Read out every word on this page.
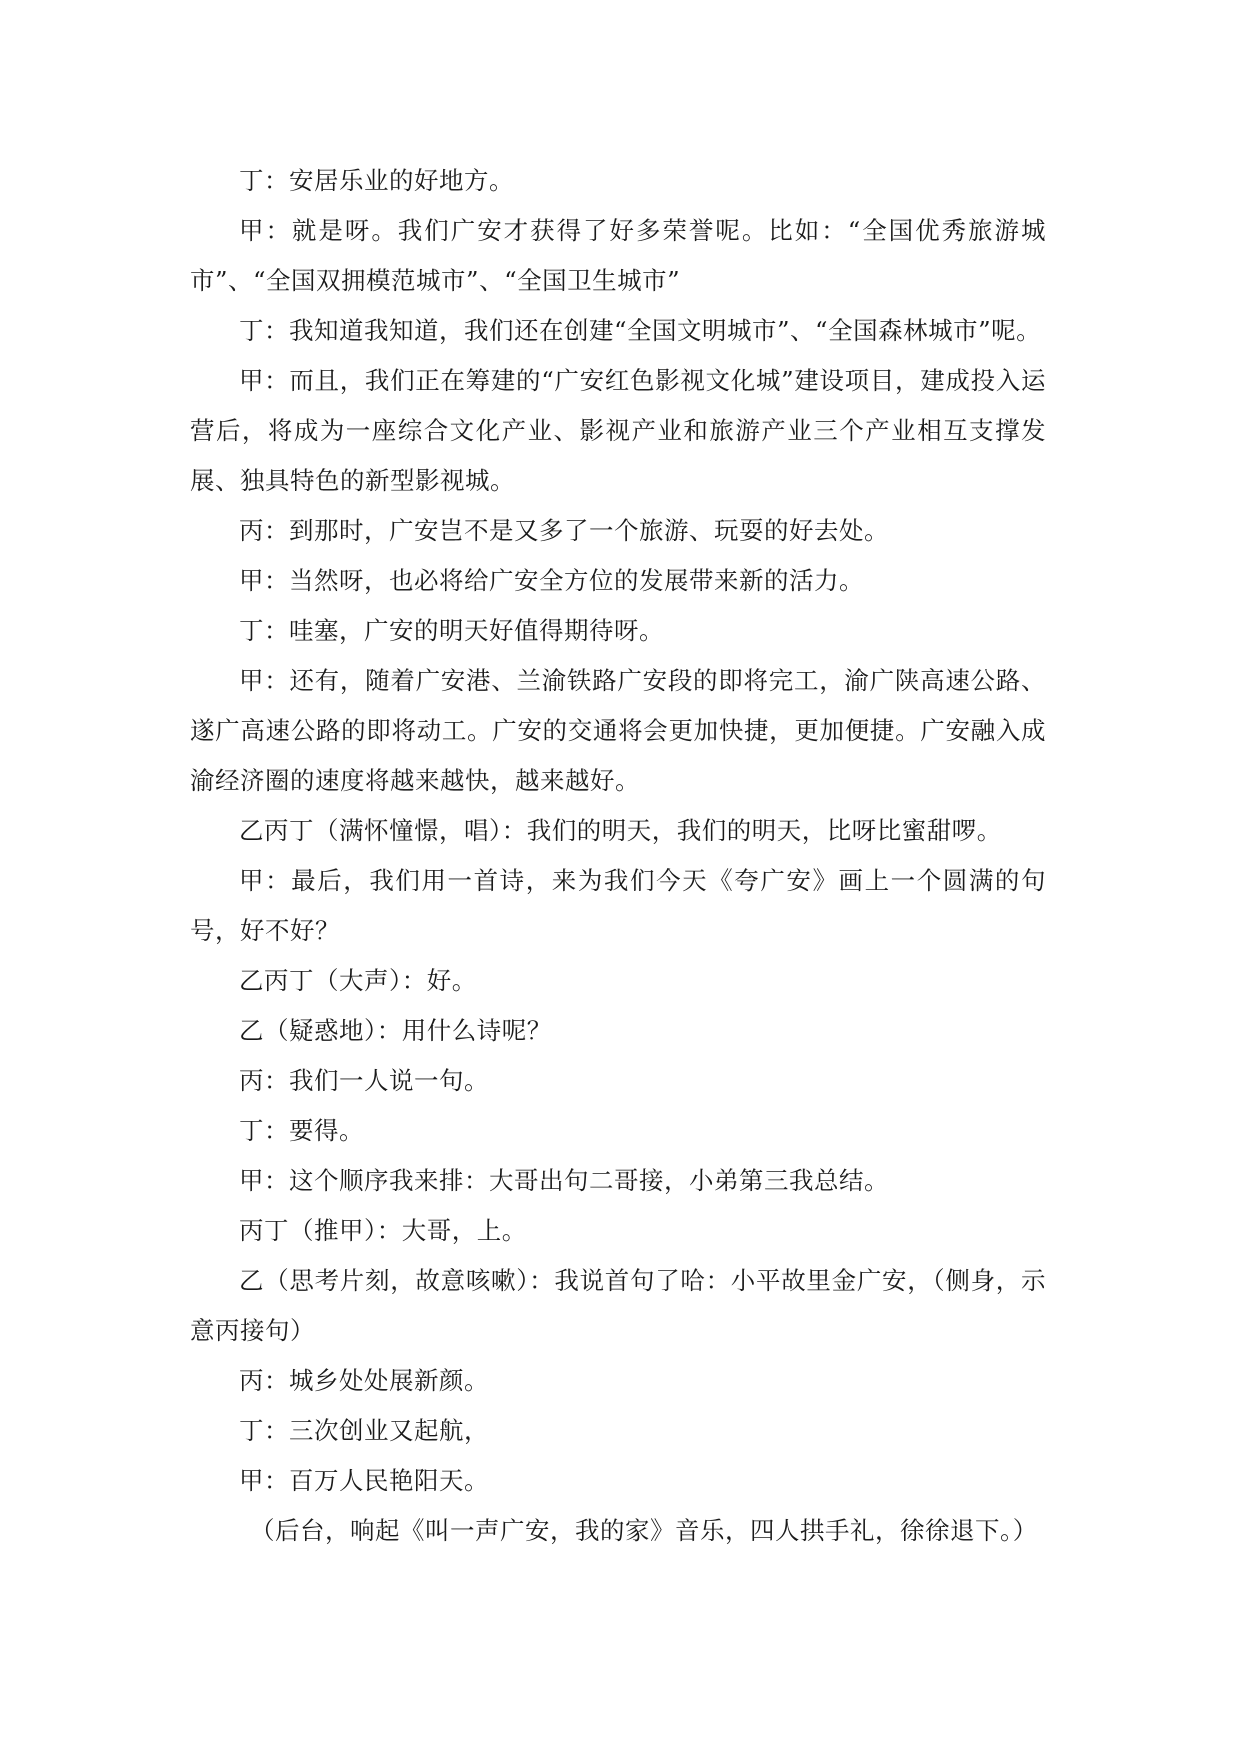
丁：安居乐业的好地方。

甲：就是呀。我们广安才获得了好多荣誉呢。比如：“全国优秀旅游城市”、“全国双拥模范城市”、“全国卫生城市”

丁：我知道我知道，我们还在创建“全国文明城市”、“全国森林城市”呢。

甲：而且，我们正在筹建的“广安红色影视文化城”建设项目，建成投入运营后，将成为一座综合文化产业、影视产业和旅游产业三个产业相互支撑发展、独具特色的新型影视城。

丙：到那时，广安岂不是又多了一个旅游、玩耍的好去处。

甲：当然呀，也必将给广安全方位的发展带来新的活力。

丁：哇塞，广安的明天好值得期待呀。

甲：还有，随着广安港、兰渝铁路广安段的即将完工，渝广陕高速公路、遂广高速公路的即将动工。广安的交通将会更加快捷，更加便捷。广安融入成渝经济圈的速度将越来越快，越来越好。

乙丙丁（满怀憧憬，唱）：我们的明天，我们的明天，比呀比蜜甜啰。

甲：最后，我们用一首诗，来为我们今天《夸广安》画上一个圆满的句号，好不好？

乙丙丁（大声）：好。

乙（疑惑地）：用什么诗呢？

丙：我们一人说一句。

丁：要得。

甲：这个顺序我来排：大哥出句二哥接，小弟第三我总结。

丙丁（推甲）：大哥，上。

乙（思考片刻，故意咳嗽）：我说首句了哈：小平故里金广安，（侧身，示意丙接句）

丙：城乡处处展新颜。

丁：三次创业又起航，

甲：百万人民艳阳天。

（后台，响起《叫一声广安，我的家》音乐，四人拱手礼，徐徐退下。）
